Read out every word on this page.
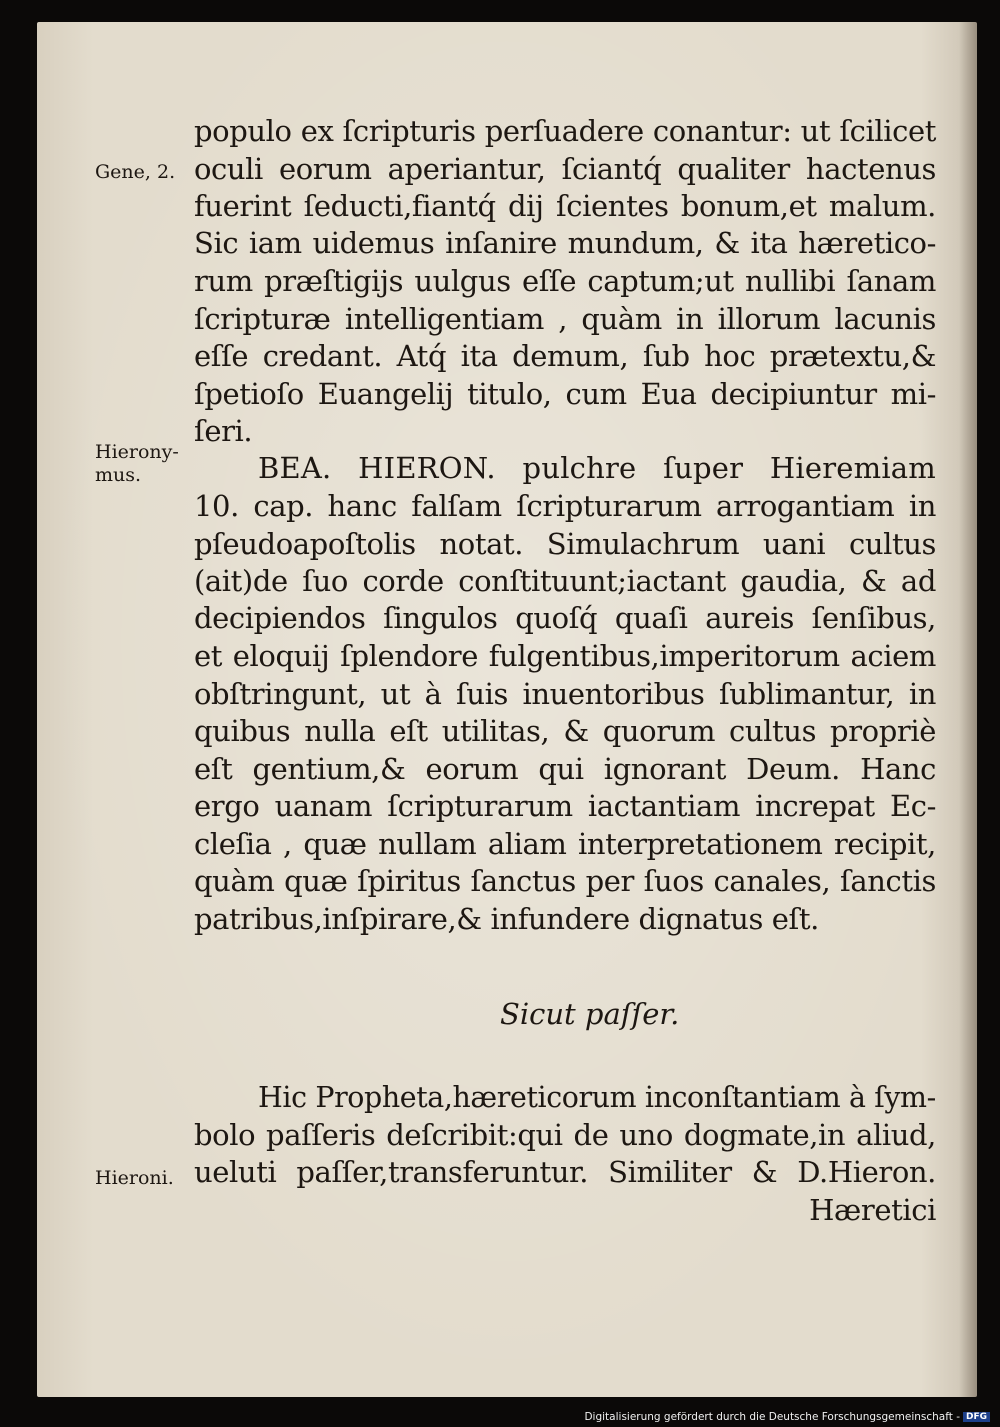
Gene, 2.
Hierony-
mus.
Hieroni.
populo ex ſcripturis perſuadere conantur: ut ſcilicet
oculi eorum aperiantur, ſciantq́ qualiter hactenus
fuerint ſeducti,fiantq́ dij ſcientes bonum,et malum.
Sic iam uidemus inſanire mundum, & ita hæretico-
rum præſtigijs uulgus eſſe captum;ut nullibi ſanam
ſcripturæ intelligentiam , quàm in illorum lacunis
eſſe credant. Atq́ ita demum, ſub hoc prætextu,&
ſpetioſo Euangelij titulo, cum Eua decipiuntur mi-
ſeri.
BEA. HIERON. pulchre ſuper Hieremiam
10. cap. hanc falſam ſcripturarum arrogantiam in
pſeudoapoſtolis notat. Simulachrum uani cultus
(ait)de ſuo corde conſtituunt;iactant gaudia, & ad
decipiendos ſingulos quoſq́ quaſi aureis ſenſibus,
et eloquij ſplendore fulgentibus,imperitorum aciem
obſtringunt, ut à ſuis inuentoribus ſublimantur, in
quibus nulla eſt utilitas, & quorum cultus propriè
eſt gentium,& eorum qui ignorant Deum. Hanc
ergo uanam ſcripturarum iactantiam increpat Ec-
cleſia , quæ nullam aliam interpretationem recipit,
quàm quæ ſpiritus ſanctus per ſuos canales, ſanctis
patribus,inſpirare,& infundere dignatus eſt.
Sicut paſſer.
Hic Propheta,hæreticorum inconſtantiam à ſym-
bolo paſſeris deſcribit:qui de uno dogmate,in aliud,
ueluti paſſer,transferuntur. Similiter & D.Hieron.
Hæretici
Digitalisierung gefördert durch die Deutsche Forschungsgemeinschaft - DFG
